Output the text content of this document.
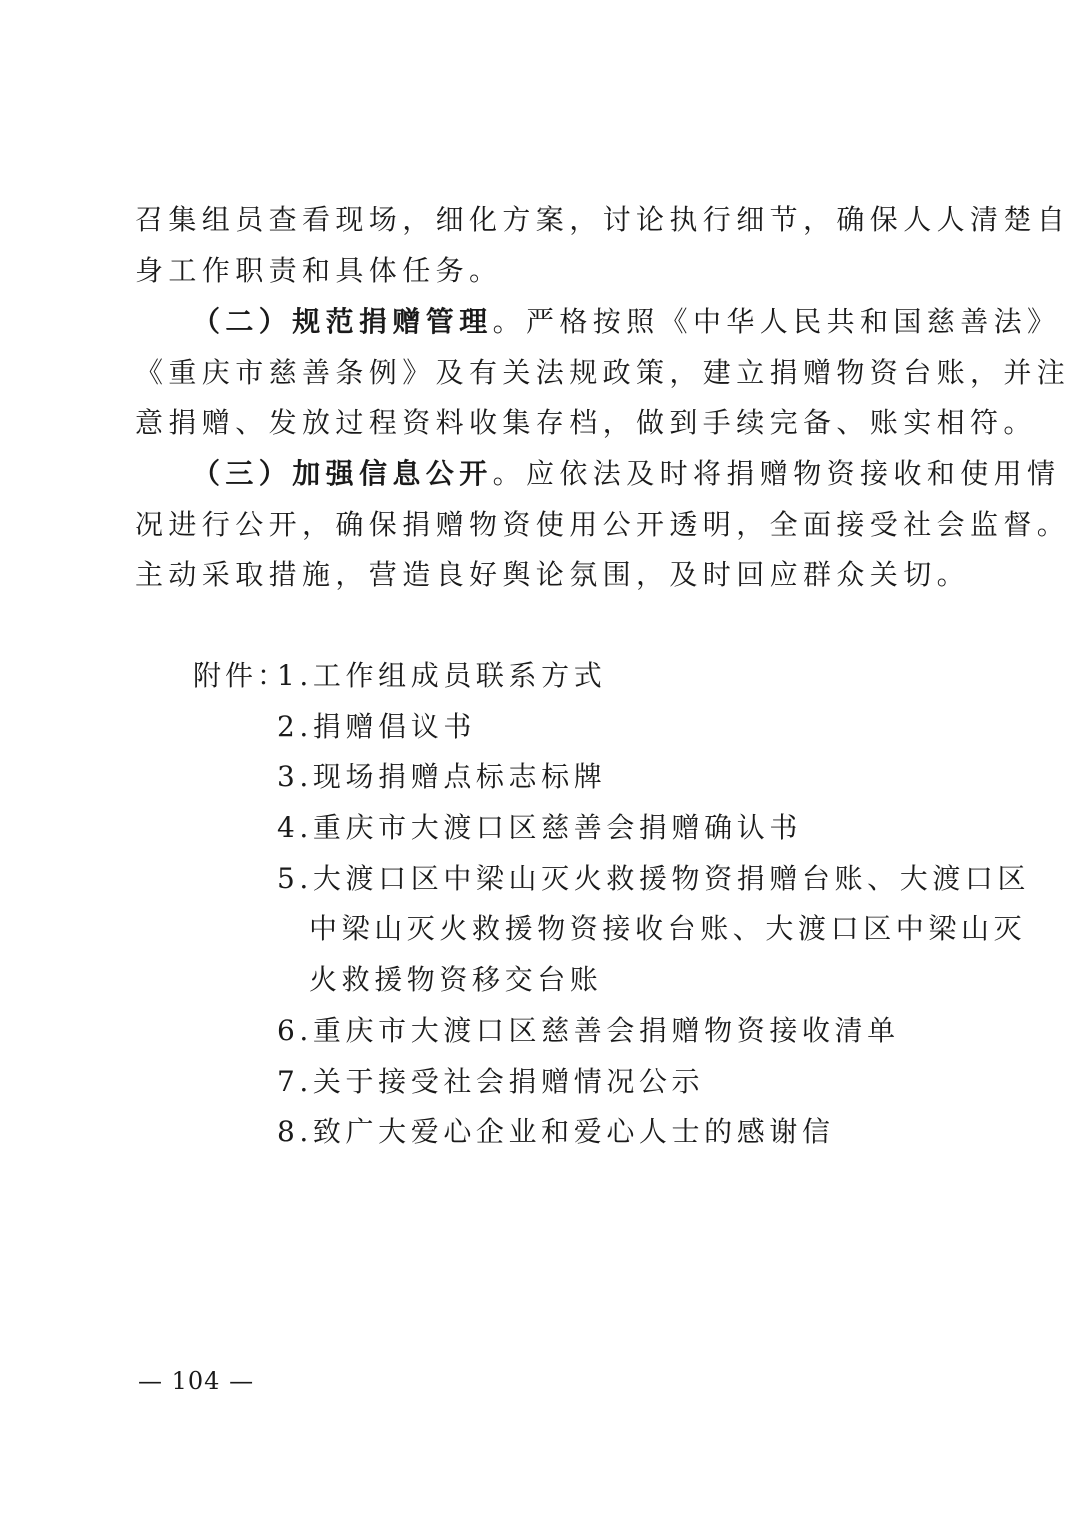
召集组员查看现场，细化方案，讨论执行细节，确保人人清楚自
身工作职责和具体任务。
（二）规范捐赠管理。严格按照《中华人民共和国慈善法》
《重庆市慈善条例》及有关法规政策，建立捐赠物资台账，并注
意捐赠、发放过程资料收集存档，做到手续完备、账实相符。
（三）加强信息公开。应依法及时将捐赠物资接收和使用情
况进行公开，确保捐赠物资使用公开透明，全面接受社会监督。
主动采取措施，营造良好舆论氛围，及时回应群众关切。
附件：
1.工作组成员联系方式
2.捐赠倡议书
3.现场捐赠点标志标牌
4.重庆市大渡口区慈善会捐赠确认书
5.大渡口区中梁山灭火救援物资捐赠台账、大渡口区
中梁山灭火救援物资接收台账、大渡口区中梁山灭
火救援物资移交台账
6.重庆市大渡口区慈善会捐赠物资接收清单
7.关于接受社会捐赠情况公示
8.致广大爱心企业和爱心人士的感谢信
— 104 —
